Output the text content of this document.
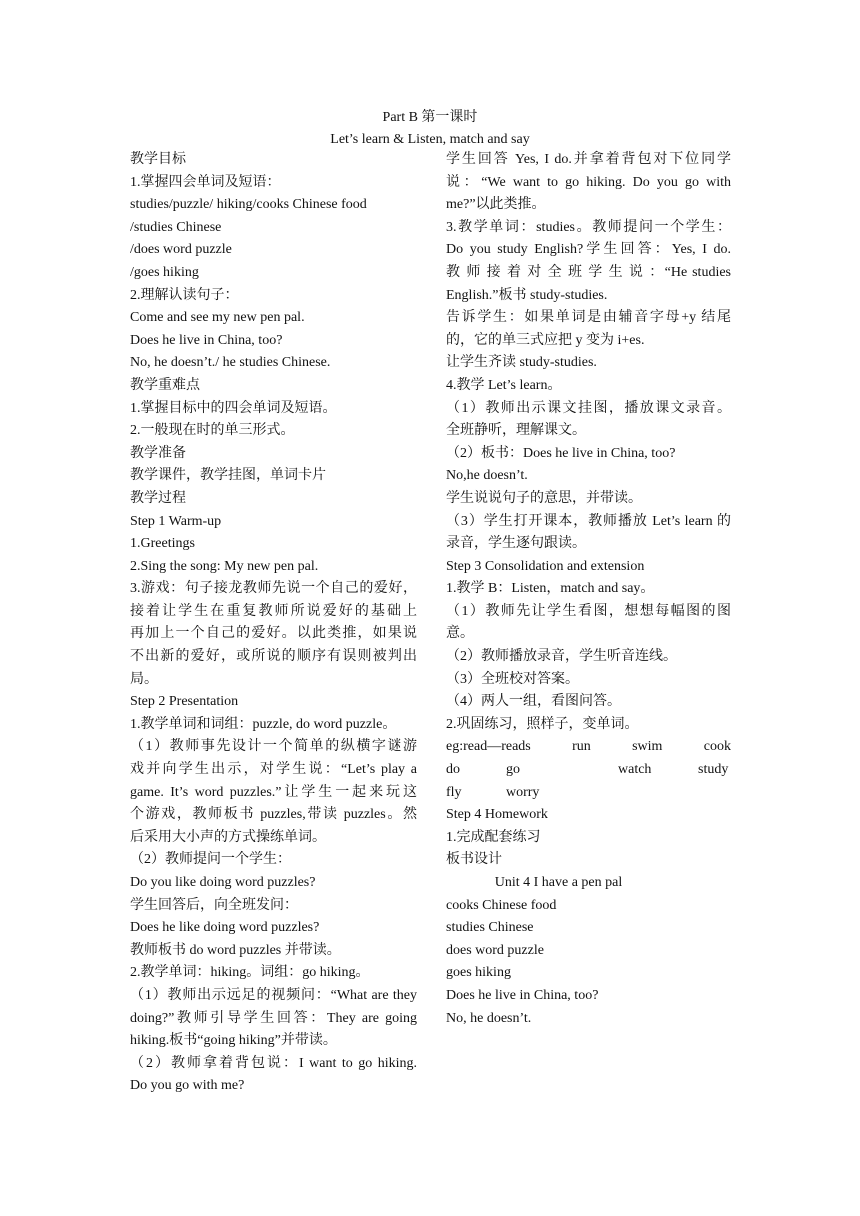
Part B 第一课时
Let’s learn & Listen, match and say
教学目标
1.掌握四会单词及短语：
studies/puzzle/ hiking/cooks Chinese food
/studies Chinese
/does word puzzle
/goes hiking
2.理解认读句子：
Come and see my new pen pal.
Does he live in China, too?
No, he doesn’t./ he studies Chinese.
教学重难点
1.掌握目标中的四会单词及短语。
2.一般现在时的单三形式。
教学准备
教学课件，教学挂图，单词卡片
教学过程
Step 1 Warm-up
1.Greetings
2.Sing the song: My new pen pal.
3.游戏：句子接龙教师先说一个自己的爱好，
接着让学生在重复教师所说爱好的基础上
再加上一个自己的爱好。以此类推，如果说
不出新的爱好，或所说的顺序有误则被判出
局。
Step 2 Presentation
1.教学单词和词组：puzzle, do word puzzle。
（1）教师事先设计一个简单的纵横字谜游
戏并向学生出示，对学生说：“Let’s play a
game. It’s word puzzles.”让学生一起来玩这
个游戏，教师板书 puzzles,带读 puzzles。然
后采用大小声的方式操练单词。
（2）教师提问一个学生：
Do you like doing word puzzles?
学生回答后，向全班发问：
Does he like doing word puzzles?
教师板书 do word puzzles 并带读。
2.教学单词：hiking。词组：go hiking。
（1）教师出示远足的视频问：“What are they
doing?”教师引导学生回答：They are going
hiking.板书“going hiking”并带读。
（2）教师拿着背包说：I want to go hiking.
Do you go with me?
学生回答 Yes, I do.并拿着背包对下位同学
说：“We want to go hiking. Do you go with
me?”以此类推。
3.教学单词：studies。教师提问一个学生：
Do you study English?学生回答：Yes, I do.
教 师 接 着 对 全 班 学 生 说 ：“He studies
English.”板书 study-studies.
告诉学生：如果单词是由辅音字母+y 结尾
的，它的单三式应把 y 变为 i+es.
让学生齐读 study-studies.
4.教学 Let’s learn。
（1）教师出示课文挂图，播放课文录音。
全班静听，理解课文。
（2）板书：Does he live in China, too?
No,he doesn’t.
学生说说句子的意思，并带读。
（3）学生打开课本，教师播放 Let’s learn 的
录音，学生逐句跟读。
Step 3 Consolidation and extension
1.教学 B：Listen，match and say。
（1）教师先让学生看图，想想每幅图的图
意。
（2）教师播放录音，学生听音连线。
（3）全班校对答案。
（4）两人一组，看图问答。
2.巩固练习，照样子，变单词。
eg:read—reads	run	swim	cook
do	go	watch	study
fly	worry
Step 4 Homework
1.完成配套练习
板书设计
Unit 4 I have a pen pal
cooks Chinese food
studies Chinese
does word puzzle
goes hiking
Does he live in China, too?
No, he doesn’t.
